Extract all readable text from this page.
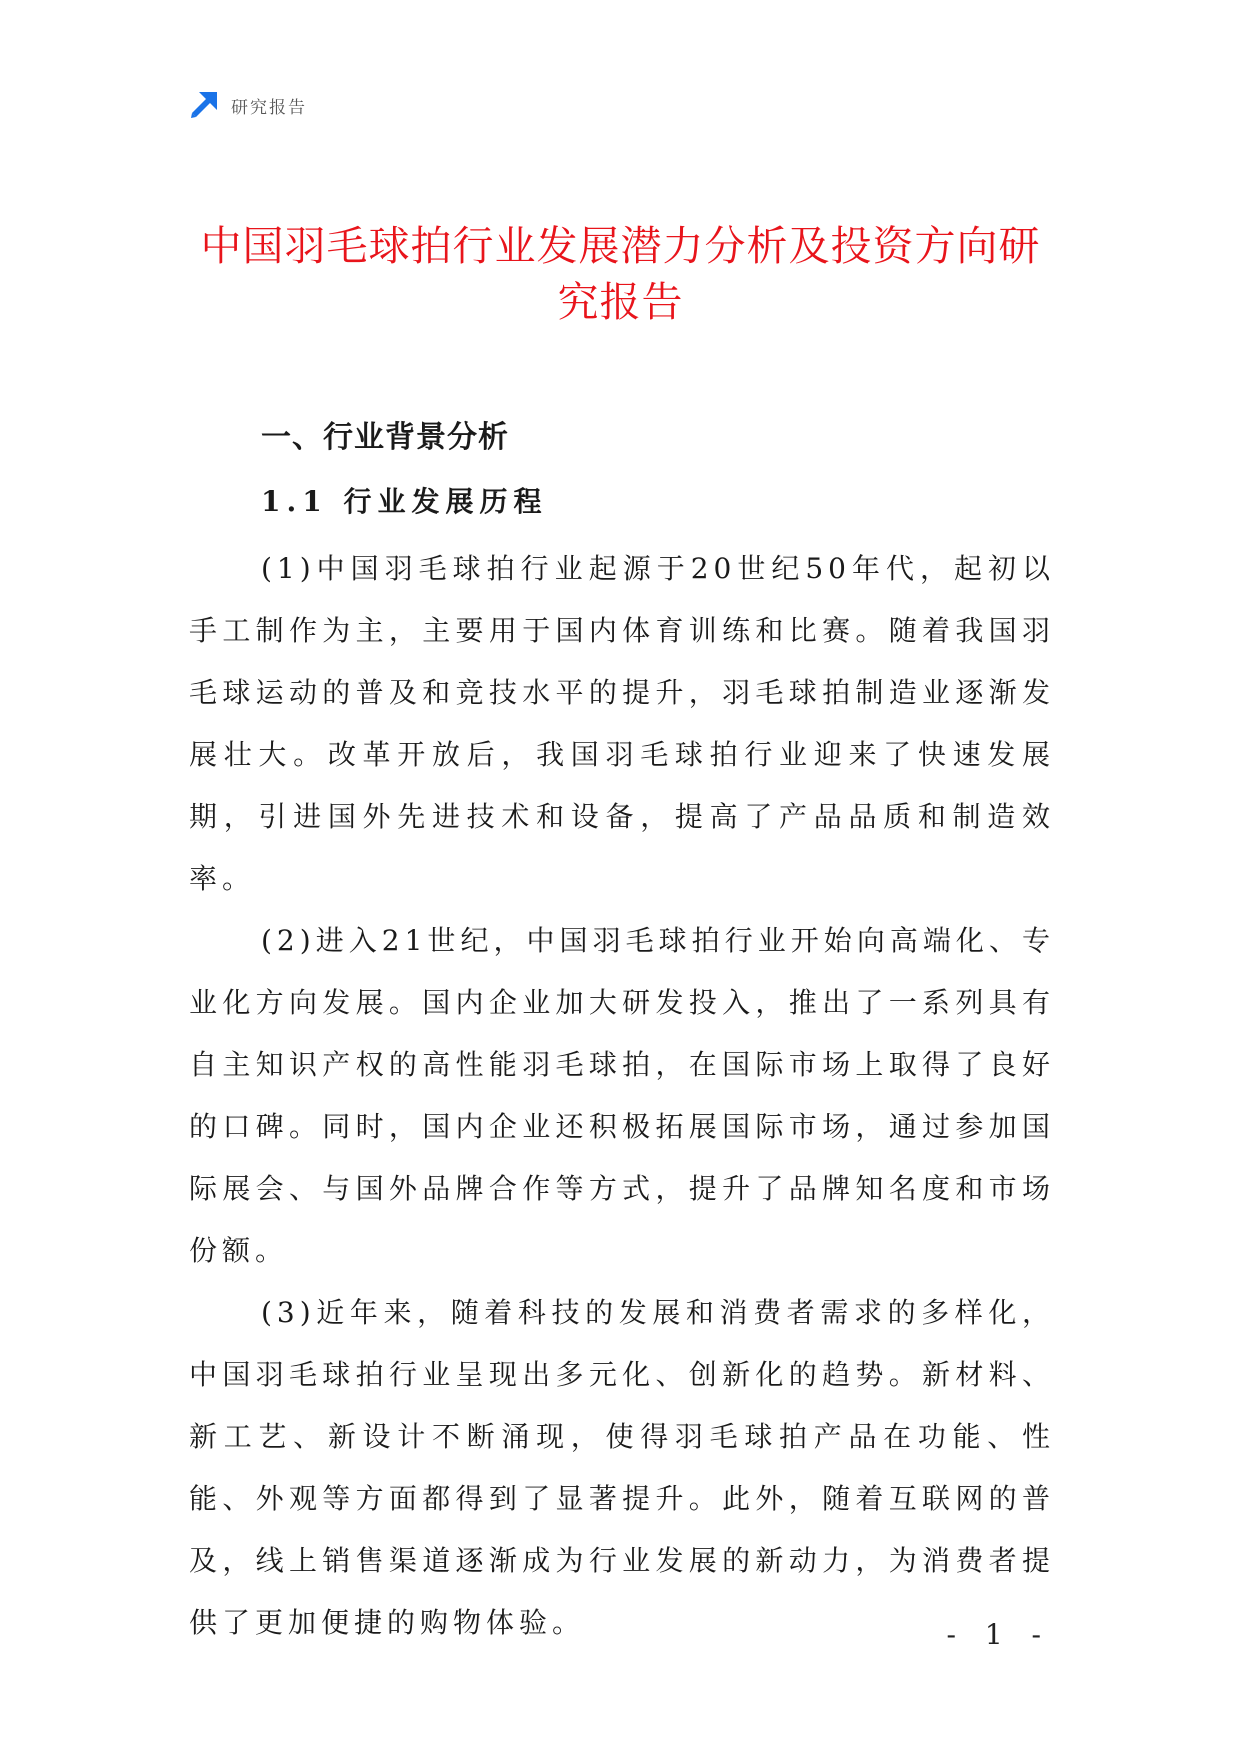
研究报告
中国羽毛球拍行业发展潜力分析及投资方向研究报告
一、行业背景分析
1.1 行业发展历程

(1)中国羽毛球拍行业起源于20世纪50年代，起初以手工制作为主，主要用于国内体育训练和比赛。随着我国羽毛球运动的普及和竞技水平的提升，羽毛球拍制造业逐渐发展壮大。改革开放后，我国羽毛球拍行业迎来了快速发展期，引进国外先进技术和设备，提高了产品品质和制造效率。

(2)进入21世纪，中国羽毛球拍行业开始向高端化、专业化方向发展。国内企业加大研发投入，推出了一系列具有自主知识产权的高性能羽毛球拍，在国际市场上取得了良好的口碑。同时，国内企业还积极拓展国际市场，通过参加国际展会、与国外品牌合作等方式，提升了品牌知名度和市场份额。

(3)近年来，随着科技的发展和消费者需求的多样化，中国羽毛球拍行业呈现出多元化、创新化的趋势。新材料、新工艺、新设计不断涌现，使得羽毛球拍产品在功能、性能、外观等方面都得到了显著提升。此外，随着互联网的普及，线上销售渠道逐渐成为行业发展的新动力，为消费者提供了更加便捷的购物体验。	- 1 -
